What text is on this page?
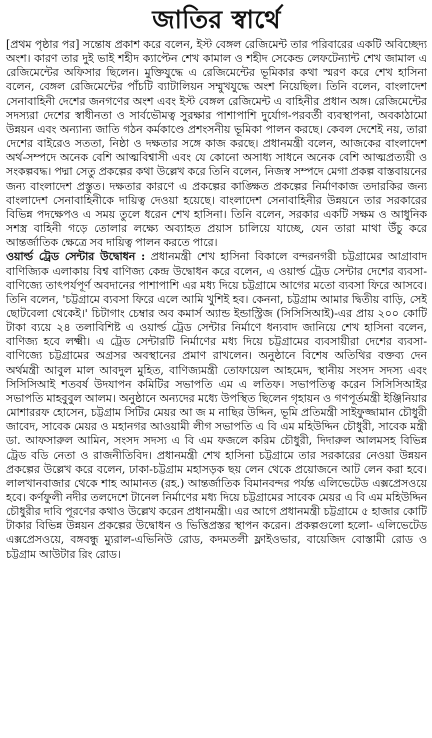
জাতির স্বার্থে

[প্রথম পৃষ্ঠার পর] সন্তোষ প্রকাশ করে বলেন, ইস্ট বেঙ্গল রেজিমেন্ট তার পরিবারের একটি অবিচ্ছেদ্য অংশ। কারণ তার দুই ভাই শহীদ ক্যাপ্টেন শেখ কামাল ও শহীদ সেকেন্ড লেফটেন্যান্ট শেখ জামাল এ রেজিমেন্টের অফিসার ছিলেন। মুক্তিযুদ্ধে এ রেজিমেন্টের ভূমিকার কথা স্মরণ করে শেখ হাসিনা বলেন, বেঙ্গল রেজিমেন্টের পাঁচটি ব্যাটালিয়ন সম্মুখযুদ্ধে অংশ নিয়েছিল। তিনি বলেন, বাংলাদেশ সেনাবাহিনী দেশের জনগণের অংশ এবং ইস্ট বেঙ্গল রেজিমেন্ট এ বাহিনীর প্রধান অঙ্গ। রেজিমেন্টের সদস্যরা দেশের স্বাধীনতা ও সার্বভৌমত্ব সুরক্ষার পাশাপাশি দুর্যোগ-পরবর্তী ব্যবস্থাপনা, অবকাঠামো উন্নয়ন এবং অন্যান্য জাতি গঠন কর্মকাণ্ডে প্রশংসনীয় ভূমিকা পালন করছে। কেবল দেশেই নয়, তারা দেশের বাইরেও সততা, নিষ্ঠা ও দক্ষতার সঙ্গে কাজ করছে। প্রধানমন্ত্রী বলেন, আজকের বাংলাদেশ অর্থ-সম্পদে অনেক বেশি আত্মবিশ্বাসী এবং যে কোনো অসাধ্য সাধনে অনেক বেশি আত্মপ্রত্যয়ী ও সংকল্পবদ্ধ। পদ্মা সেতু প্রকল্পের কথা উল্লেখ করে তিনি বলেন, নিজস্ব সম্পদে মেগা প্রকল্প বাস্তবায়নের জন্য বাংলাদেশ প্রস্তুত। দক্ষতার কারণে এ প্রকল্পের কাঙ্ক্ষিত প্রকল্পের নির্মাণকাজ তদারকির জন্য বাংলাদেশ সেনাবাহিনীকে দায়িত্ব দেওয়া হয়েছে। বাংলাদেশ সেনাবাহিনীর উন্নয়নে তার সরকারের বিভিন্ন পদক্ষেপও এ সময় তুলে ধরেন শেখ হাসিনা। তিনি বলেন, সরকার একটি সক্ষম ও আধুনিক সশস্ত্র বাহিনী গড়ে তোলার লক্ষ্যে অব্যাহত প্রয়াস চালিয়ে যাচ্ছে, যেন তারা মাথা উঁচু করে আন্তর্জাতিক ক্ষেত্রে সব দায়িত্ব পালন করতে পারে।

ওয়ার্ল্ড ট্রেড সেন্টার উদ্বোধন : প্রধানমন্ত্রী শেখ হাসিনা বিকালে বন্দরনগরী চট্টগ্রামের আগ্রাবাদ বাণিজ্যিক এলাকায় বিশ্ব বাণিজ্য কেন্দ্র উদ্বোধন করে বলেন, এ ওয়ার্ল্ড ট্রেড সেন্টার দেশের ব্যবসা-বাণিজ্যে তাৎপর্যপূর্ণ অবদানের পাশাপাশি এর মধ্য দিয়ে চট্টগ্রামে আগের মতো ব্যবসা ফিরে আসবে। তিনি বলেন, 'চট্টগ্রামে ব্যবসা ফিরে এলে আমি খুশিই হব। কেননা, চট্টগ্রাম আমার দ্বিতীয় বাড়ি, সেই ছোটবেলা থেকেই।' চিটাগাং চেম্বার অব কমার্স অ্যান্ড ইন্ডাস্ট্রিজ (সিসিসিআই)-এর প্রায় ২০০ কোটি টাকা ব্যয়ে ২৪ তলাবিশিষ্ট এ ওয়ার্ল্ড ট্রেড সেন্টার নির্মাণে ধন্যবাদ জানিয়ে শেখ হাসিনা বলেন, বাণিজ্য হবে লক্ষ্মী। এ ট্রেড সেন্টারটি নির্মাণের মধ্য দিয়ে চট্টগ্রামের ব্যবসায়ীরা দেশের ব্যবসা-বাণিজ্যে চট্টগ্রামের অগ্রসর অবস্থানের প্রমাণ রাখলেন। অনুষ্ঠানে বিশেষ অতিথির বক্তব্য দেন অর্থমন্ত্রী আবুল মাল আবদুল মুহিত, বাণিজ্যমন্ত্রী তোফায়েল আহমেদ, স্থানীয় সংসদ সদস্য এবং সিসিসিআই শতবর্ষ উদযাপন কমিটির সভাপতি এম এ লতিফ। সভাপতিত্ব করেন সিসিসিআইর সভাপতি মাহবুবুল আলম। অনুষ্ঠানে অন্যদের মধ্যে উপস্থিত ছিলেন গৃহায়ন ও গণপূর্তমন্ত্রী ইঞ্জিনিয়ার মোশাররফ হোসেন, চট্টগ্রাম সিটির মেয়র আ জ ম নাছির উদ্দিন, ভূমি প্রতিমন্ত্রী সাইফুজ্জামান চৌধুরী জাবেদ, সাবেক মেয়র ও মহানগর আওয়ামী লীগ সভাপতি এ বি এম মহিউদ্দিন চৌধুরী, সাবেক মন্ত্রী ডা. আফসারুল আমিন, সংসদ সদস্য এ বি এম ফজলে করিম চৌধুরী, দিদারুল আলমসহ বিভিন্ন ট্রেড বডি নেতা ও রাজনীতিবিদ। প্রধানমন্ত্রী শেখ হাসিনা চট্টগ্রামে তার সরকারের নেওয়া উন্নয়ন প্রকল্পের উল্লেখ করে বলেন, ঢাকা-চট্টগ্রাম মহাসড়ক ছয় লেন থেকে প্রয়োজনে আট লেন করা হবে। লালখানবাজার থেকে শাহ আমানত (রহ.) আন্তর্জাতিক বিমানবন্দর পর্যন্ত এলিভেটেড এক্সপ্রেসওয়ে হবে। কর্ণফুলী নদীর তলদেশে টানেল নির্মাণের মধ্য দিয়ে চট্টগ্রামের সাবেক মেয়র এ বি এম মহিউদ্দিন চৌধুরীর দাবি পূরণের কথাও উল্লেখ করেন প্রধানমন্ত্রী। এর আগে প্রধানমন্ত্রী চট্টগ্রামে ৫ হাজার কোটি টাকার বিভিন্ন উন্নয়ন প্রকল্পের উদ্বোধন ও ভিত্তিপ্রস্তর স্থাপন করেন। প্রকল্পগুলো হলো- এলিভেটেড এক্সপ্রেসওয়ে, বঙ্গবন্ধু ম্যুরাল-এভিনিউ রোড, কদমতলী ফ্লাইওভার, বায়েজিদ বোস্তামী রোড ও চট্টগ্রাম আউটার রিং রোড।
